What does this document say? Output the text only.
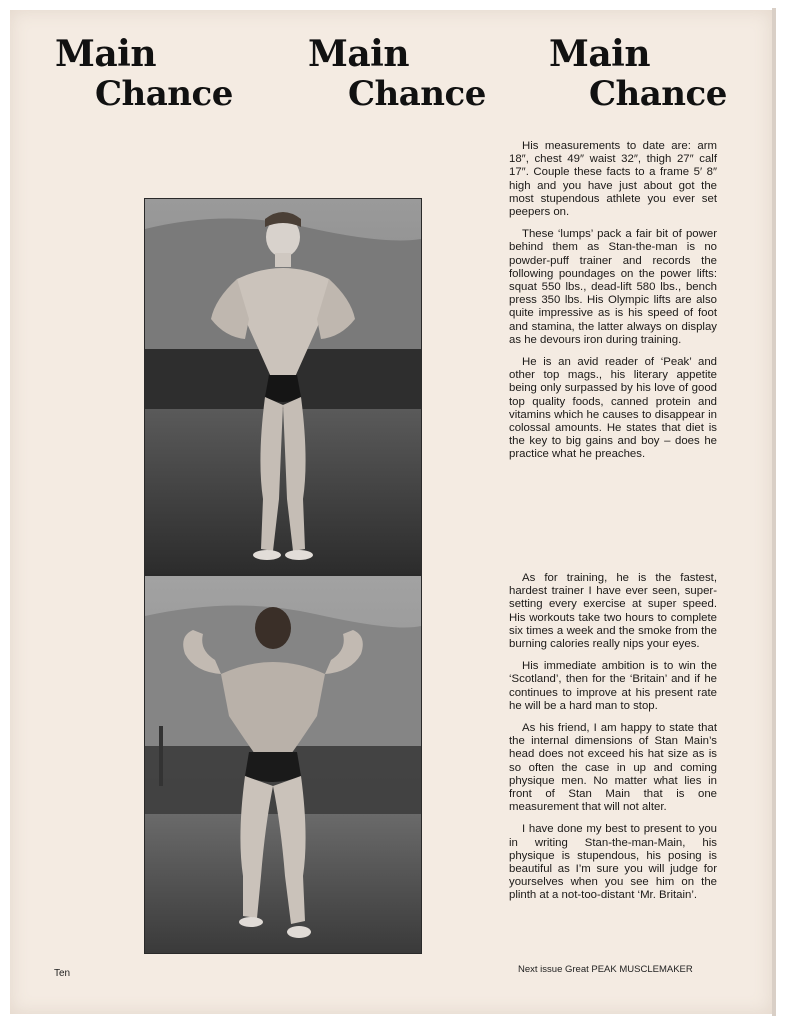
Main
Chance
Main
Chance
Main
Chance

His measurements to date are: arm 18″, chest 49″ waist 32″, thigh 27″ calf 17″. Couple these facts to a frame 5′ 8″ high and you have just about got the most stupendous athlete you ever set peepers on.

These ‘lumps’ pack a fair bit of power behind them as Stan-the-man is no powder-puff trainer and records the following poundages on the power lifts: squat 550 lbs., dead-lift 580 lbs., bench press 350 lbs. His Olympic lifts are also quite impressive as is his speed of foot and stamina, the latter always on display as he devours iron during training.

He is an avid reader of ‘Peak’ and other top mags., his literary appetite being only surpassed by his love of good top quality foods, canned protein and vitamins which he causes to disappear in colossal amounts. He states that diet is the key to big gains and boy – does he practice what he preaches.

As for training, he is the fastest, hardest trainer I have ever seen, super-setting every exercise at super speed. His workouts take two hours to complete six times a week and the smoke from the burning calories really nips your eyes.

His immediate ambition is to win the ‘Scotland’, then for the ‘Britain’ and if he continues to improve at his present rate he will be a hard man to stop.

As his friend, I am happy to state that the internal dimensions of Stan Main’s head does not exceed his hat size as is so often the case in up and coming physique men. No matter what lies in front of Stan Main that is one measurement that will not alter.

I have done my best to present to you in writing Stan-the-man-Main, his physique is stupendous, his posing is beautiful as I’m sure you will judge for yourselves when you see him on the plinth at a not-too-distant ‘Mr. Britain’.

Ten	Next issue Great PEAK MUSCLEMAKER
